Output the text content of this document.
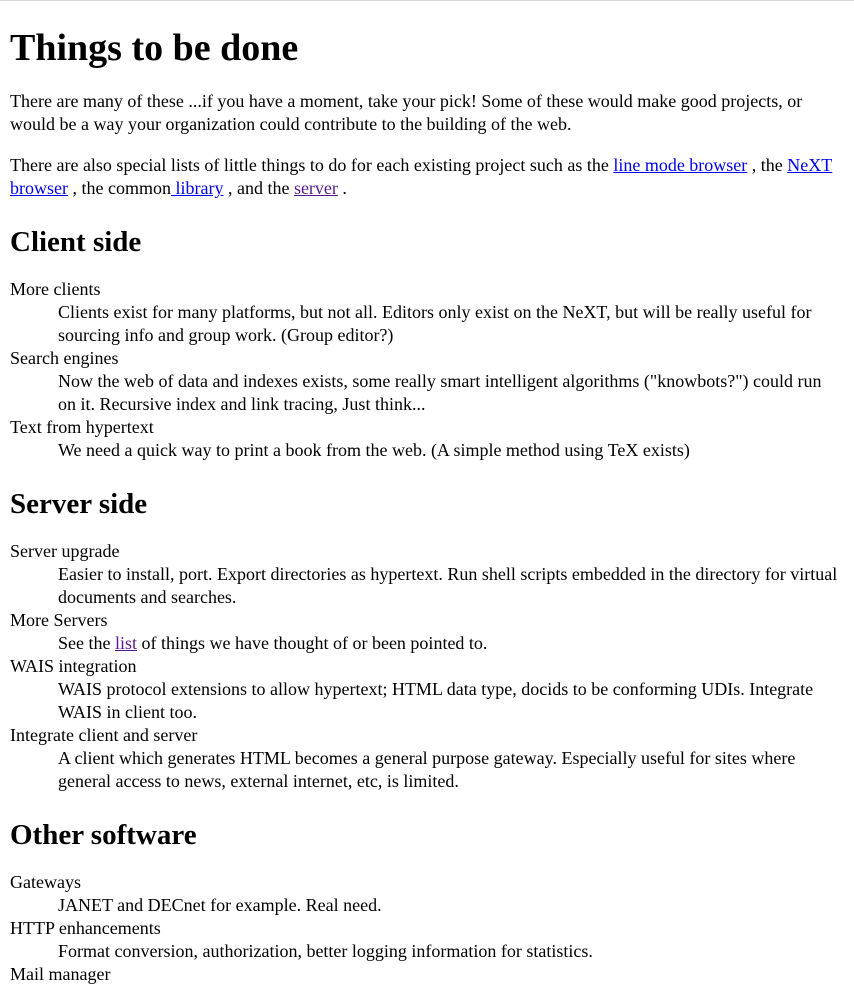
Things to be done

There are many of these ...if you have a moment, take your pick! Some of these would make good projects, or would be a way your organization could contribute to the building of the web.

There are also special lists of little things to do for each existing project such as the line mode browser , the NeXT browser , the common library , and the server .

Client side
More clients
Clients exist for many platforms, but not all. Editors only exist on the NeXT, but will be really useful for sourcing info and group work. (Group editor?)
Search engines
Now the web of data and indexes exists, some really smart intelligent algorithms ("knowbots?") could run on it. Recursive index and link tracing, Just think...
Text from hypertext
We need a quick way to print a book from the web. (A simple method using TeX exists)
Server side
Server upgrade
Easier to install, port. Export directories as hypertext. Run shell scripts embedded in the directory for virtual documents and searches.
More Servers
See the list of things we have thought of or been pointed to.
WAIS integration
WAIS protocol extensions to allow hypertext; HTML data type, docids to be conforming UDIs. Integrate WAIS in client too.
Integrate client and server
A client which generates HTML becomes a general purpose gateway. Especially useful for sites where general access to news, external internet, etc, is limited.
Other software
Gateways
JANET and DECnet for example. Real need.
HTTP enhancements
Format conversion, authorization, better logging information for statistics.
Mail manager
